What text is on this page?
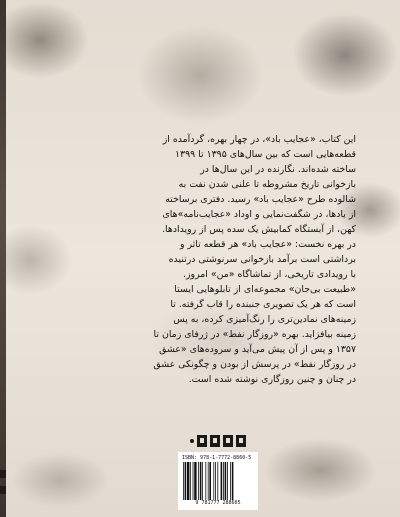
این کتاب، «عجایب باد»، در چهار بهره، گردآمده از

قطعه‌هایی است که بین سال‌های ۱۳۹۵ تا ۱۳۹۹

ساخته شده‌اند. نگارنده در این سال‌ها در

بازخوانی تاریخ مشروطه تا علنی شدن نفت به

شالوده طرح «عجایب باد» رسید. دفتری برساخته

از یادها، در شگفت‌نمایی و اوداد «عجایب‌نامه»های

کهن، از آبستگاه کمابیش یک سده پس از رویدادها.

در بهره نخست: «عجایب باد» هر قطعه تاثر و

برداشتی است برآمد بازخوانی سرنوشتی درتنیده

با رویدادی تاریخی، از تماشاگاه «من» امروز.

«طبیعت بی‌جان» مجموعه‌ای از تابلوهایی ایستا

است که هر یک تصویری جنبنده را قاب گرفته. تا

زمینه‌های نمادین‌تری را رنگ‌آمیزی کرده، به پس

زمینه بیافزاید. بهره «روزگار نفط» در ژرفای زمان تا

۱۳۵۷ و پس از آن پیش می‌آید و سروده‌های «عشق

در روزگار نفط» در پرسش از بودن و چگونکی عشق

در چنان و چنین روزگاری نوشته شده است.

ISBN: 978-1-7772-8860-5
9 781777 288605
